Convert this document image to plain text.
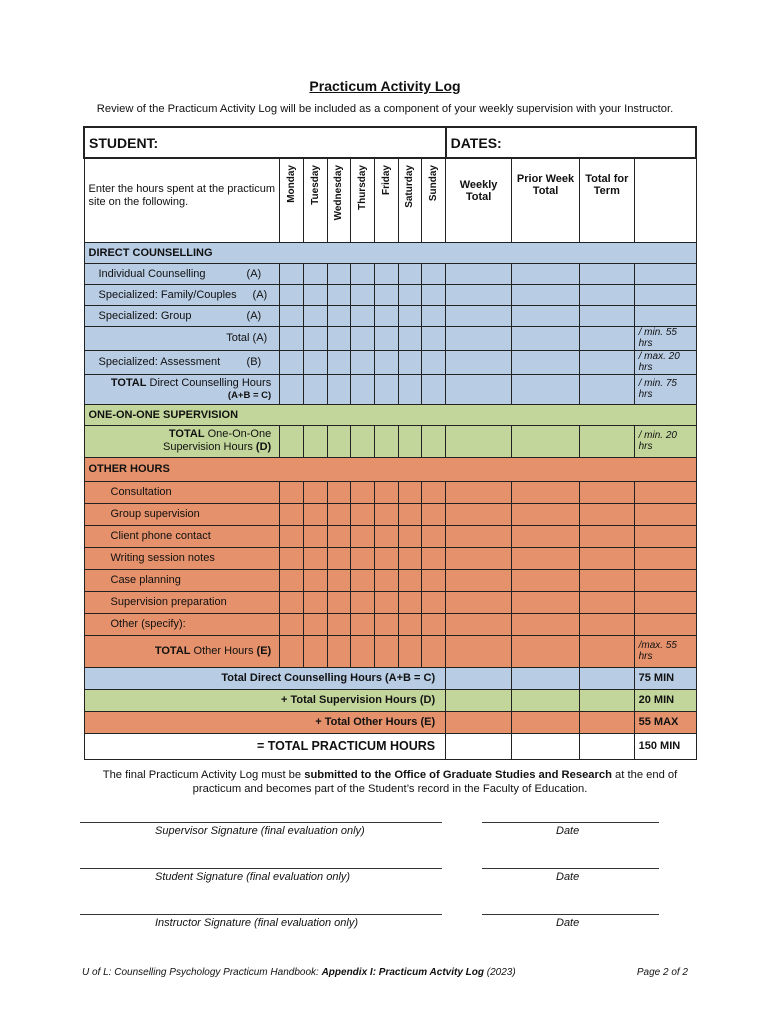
Practicum Activity Log
Review of the Practicum Activity Log will be included as a component of your weekly supervision with your Instructor.
STUDENT:								DATES:			
Enter the hours spent at the practicum site on the following.	Monday	Tuesday	Wednesday	Thursday	Friday	Saturday	Sunday	Weekly Total	Prior Week Total	Total for Term	
DIRECT COUNSELLING											
Individual Counselling (A)											

Specialized: Family/Couples (A)											

Specialized: Group (A)											

Total (A)											/ min. 55 hrs
Specialized: Assessment (B)											/ max. 20 hrs
TOTAL Direct Counselling Hours
(A+B = C)											/ min. 75 hrs
ONE-ON-ONE SUPERVISION											
TOTAL One-On-One
Supervision Hours (D)											/ min. 20 hrs
OTHER HOURS											
Consultation											
Group supervision											
Client phone contact											
Writing session notes											
Case planning											
Supervision preparation											
Other (specify):											
TOTAL Other Hours (E)											/max. 55 hrs
Total Direct Counselling Hours (A+B = C)											75 MIN
+ Total Supervision Hours (D)											20 MIN
+ Total Other Hours (E)											55 MAX
= TOTAL PRACTICUM HOURS											150 MIN
The final Practicum Activity Log must be submitted to the Office of Graduate Studies and Research at the end of practicum and becomes part of the Student’s record in the Faculty of Education.
Supervisor Signature (final evaluation only)	Date
Student Signature (final evaluation only)	Date
Instructor Signature (final evaluation only)	Date
U of L: Counselling Psychology Practicum Handbook: Appendix I: Practicum Actvity Log (2023)	Page 2 of 2
